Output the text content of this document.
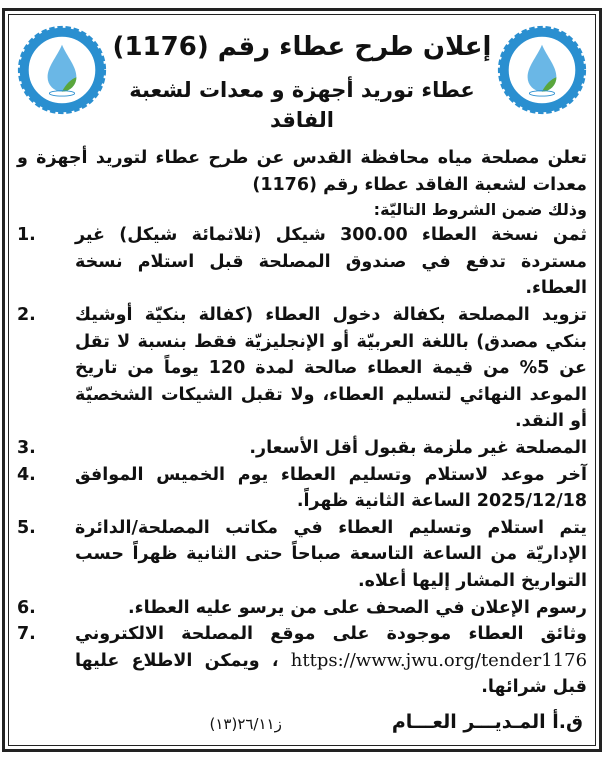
إعلان طرح عطاء رقم (1176)
عطاء توريد أجهزة و معدات لشعبة الفاقد

تعلن مصلحة مياه محافظة القدس عن طرح عطاء لتوريد أجهزة و معدات لشعبة الفاقد عطاء رقم (1176)

وذلك ضمن الشروط التاليّة:

ثمن نسخة العطاء 300.00 شيكل (ثلاثمائة شيكل) غير مستردة تدفع في صندوق المصلحة قبل استلام نسخة العطاء.
1.
تزويد المصلحة بكفالة دخول العطاء (كفالة بنكيّة أوشيك بنكي مصدق) باللغة العربيّة أو الإنجليزيّة فقط بنسبة لا تقل عن 5% من قيمة العطاء صالحة لمدة 120 يوماً من تاريخ الموعد النهائي لتسليم العطاء، ولا تقبل الشيكات الشخصيّة أو النقد.
2.
المصلحة غير ملزمة بقبول أقل الأسعار.
3.
آخر موعد لاستلام وتسليم العطاء يوم الخميس الموافق 2025/12/18 الساعة الثانية ظهراً.
4.
يتم استلام وتسليم العطاء في مكاتب المصلحة/الدائرة الإداريّة من الساعة التاسعة صباحاً حتى الثانية ظهراً حسب التواريخ المشار إليها أعلاه.
5.
رسوم الإعلان في الصحف على من يرسو عليه العطاء.
6.
وثائق العطاء موجودة على موقع المصلحة الالكتروني https://www.jwu.org/tender1176 ، ويمكن الاطلاع عليها قبل شرائها.
7.
ق.أ المـديـــر العـــام
ز۲٦/۱۱(۱۳)
